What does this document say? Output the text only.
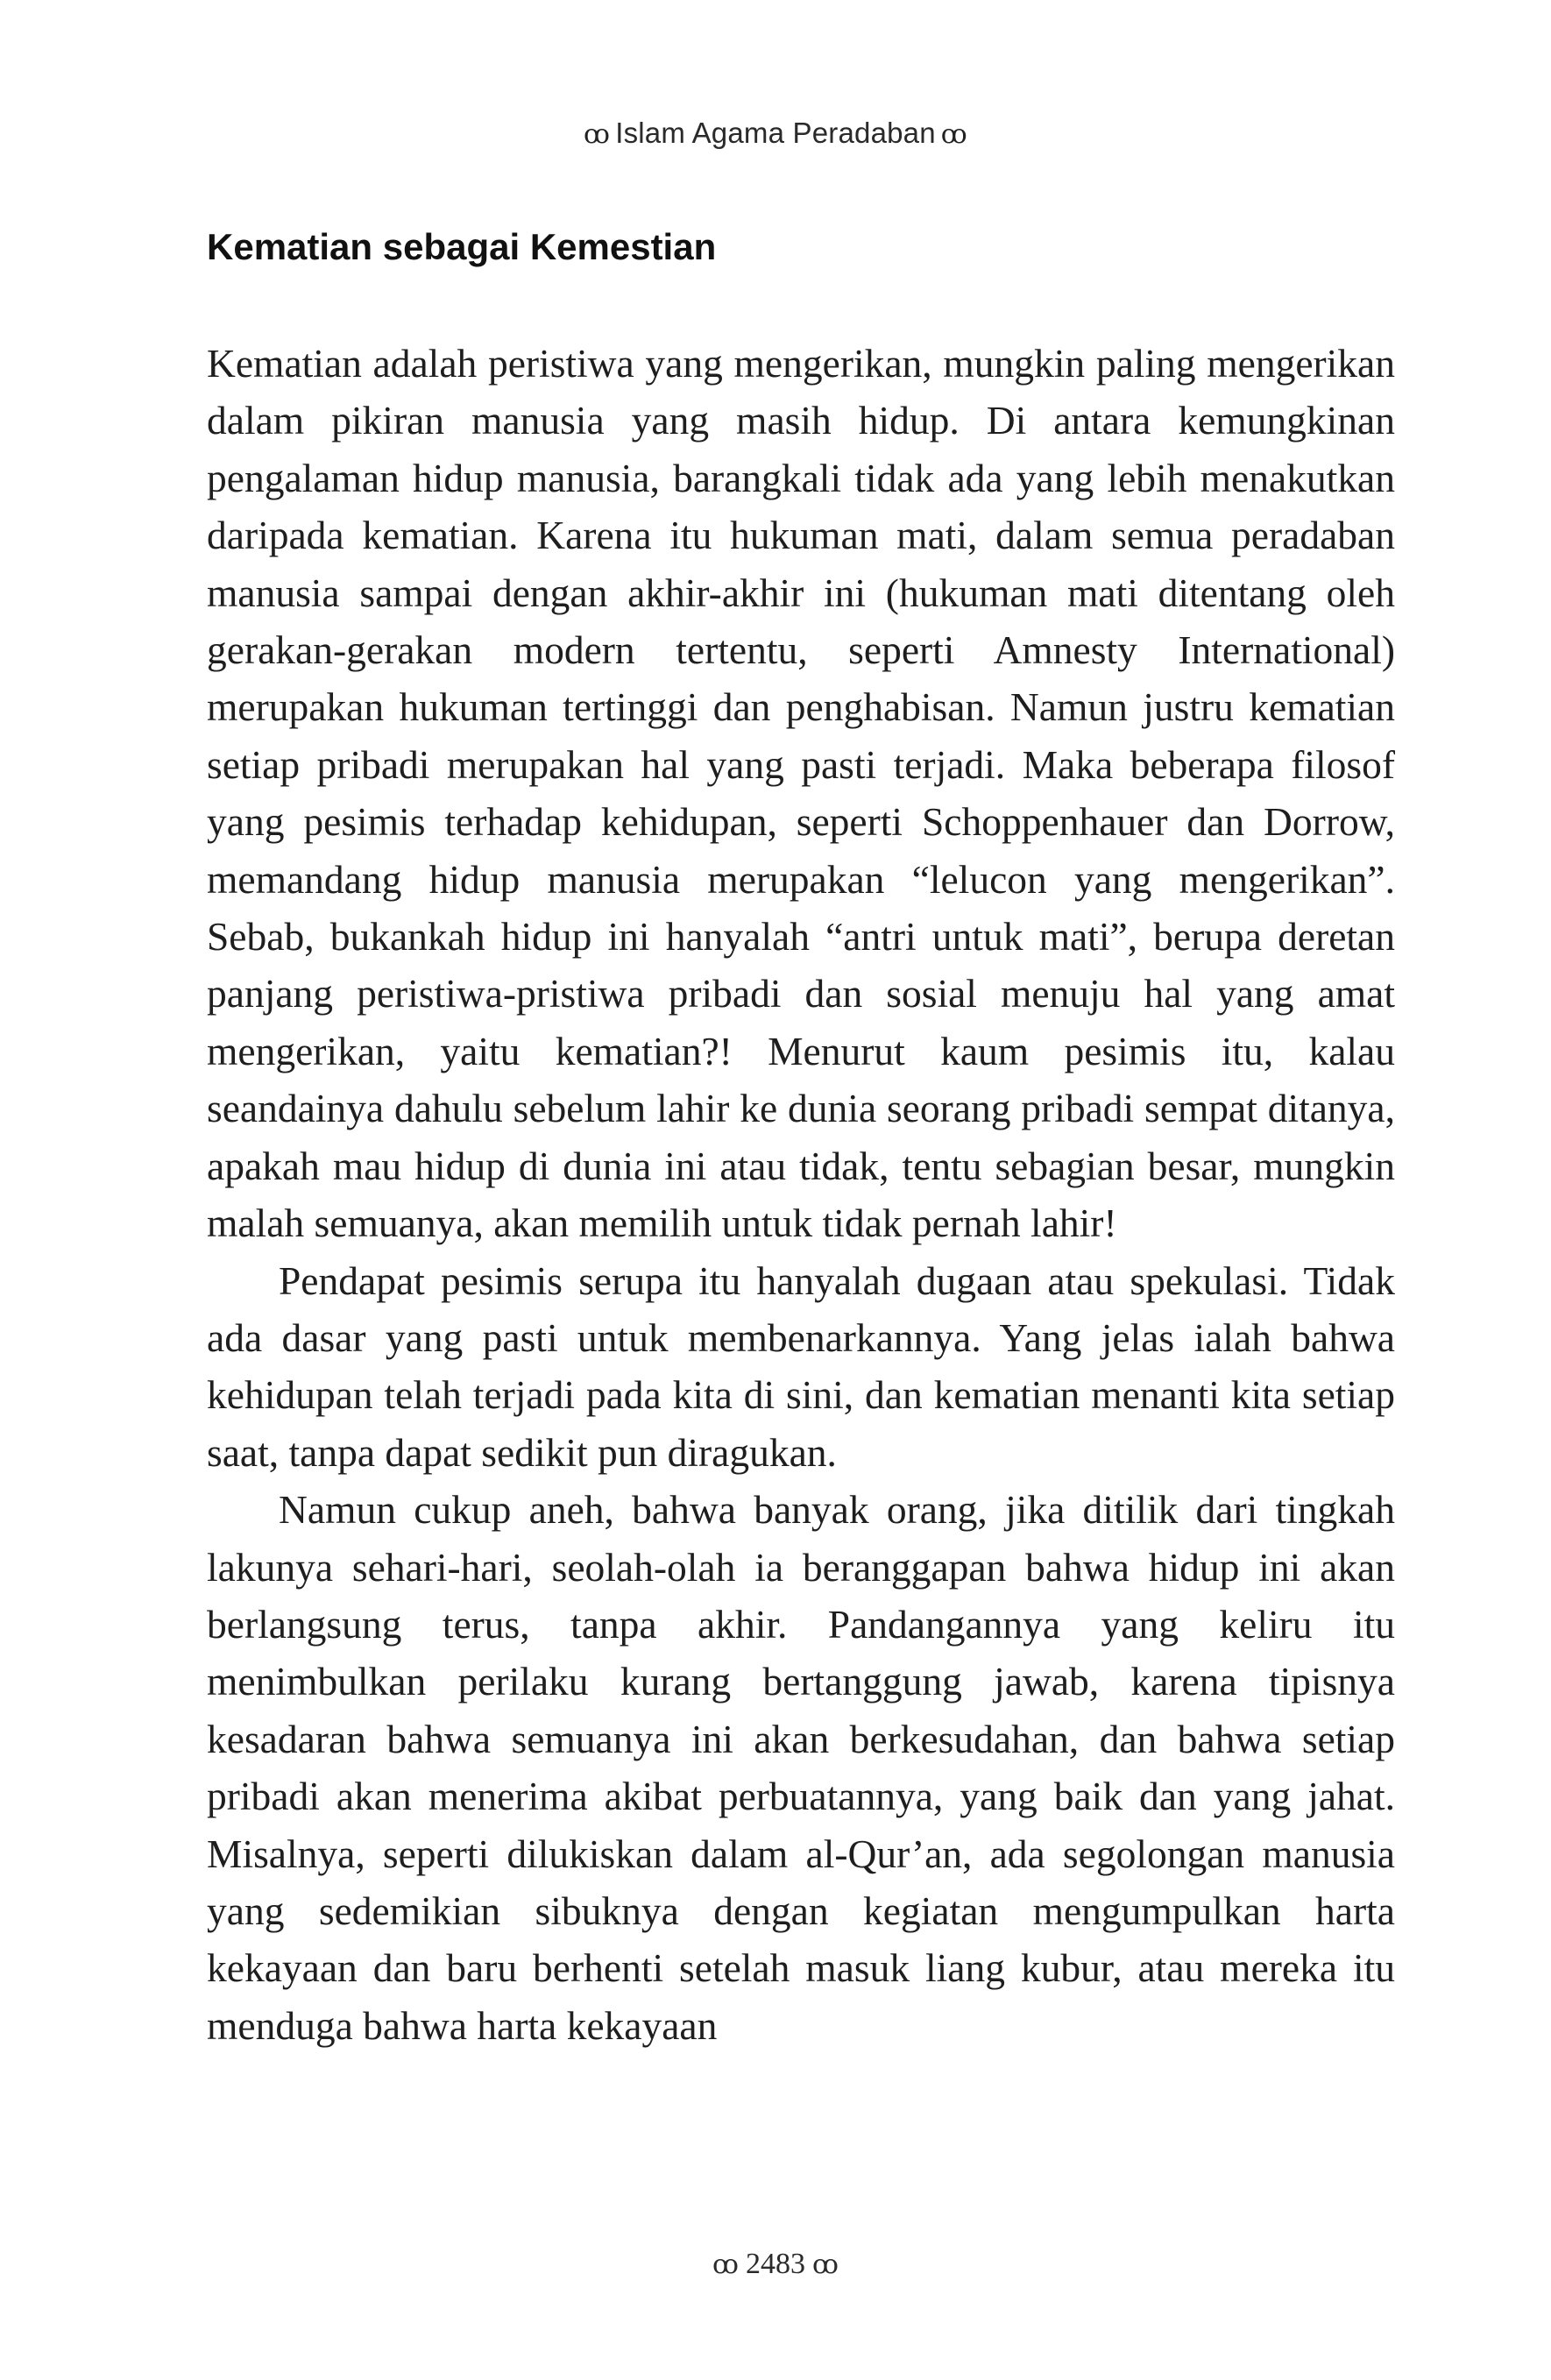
ꝏ Islam Agama Peradaban ꝏ
Kematian sebagai Kemestian

Kematian adalah peristiwa yang mengerikan, mungkin paling mengerikan dalam pikiran manusia yang masih hidup. Di antara kemungkinan pengalaman hidup manusia, barangkali tidak ada yang lebih menakutkan daripada kematian. Karena itu hukuman mati, dalam semua peradaban manusia sampai dengan akhir-akhir ini (hukuman mati ditentang oleh gerakan-gerakan modern tertentu, seperti Amnesty International) merupakan hukuman tertinggi dan penghabisan. Namun justru kematian setiap pribadi merupakan hal yang pasti terjadi. Maka beberapa filosof yang pesimis terhadap kehidupan, seperti Schoppenhauer dan Dorrow, memandang hidup manusia merupakan “lelucon yang mengerikan”. Sebab, bukankah hidup ini hanyalah “antri untuk mati”, berupa deretan panjang peristiwa-pristiwa pribadi dan sosial menuju hal yang amat mengerikan, yaitu kematian?! Menurut kaum pesimis itu, kalau seandainya dahulu sebelum lahir ke dunia seorang pribadi sempat ditanya, apakah mau hidup di dunia ini atau tidak, tentu sebagian besar, mungkin malah semuanya, akan memilih untuk tidak pernah lahir!

Pendapat pesimis serupa itu hanyalah dugaan atau spekulasi. Tidak ada dasar yang pasti untuk membenarkannya. Yang jelas ialah bahwa kehidupan telah terjadi pada kita di sini, dan kematian menanti kita setiap saat, tanpa dapat sedikit pun diragukan.

Namun cukup aneh, bahwa banyak orang, jika ditilik dari tingkah lakunya sehari-hari, seolah-olah ia beranggapan bahwa hidup ini akan berlangsung terus, tanpa akhir. Pandangannya yang keliru itu menimbulkan perilaku kurang bertanggung jawab, karena tipisnya kesadaran bahwa semuanya ini akan berkesudahan, dan bahwa setiap pribadi akan menerima akibat perbuatannya, yang baik dan yang jahat. Misalnya, seperti dilukiskan dalam al-Qur’an, ada segolongan manusia yang sedemikian sibuknya dengan kegiatan mengumpulkan harta kekayaan dan baru berhenti setelah masuk liang kubur, atau mereka itu menduga bahwa harta kekayaan

ꝏ 2483 ꝏ
